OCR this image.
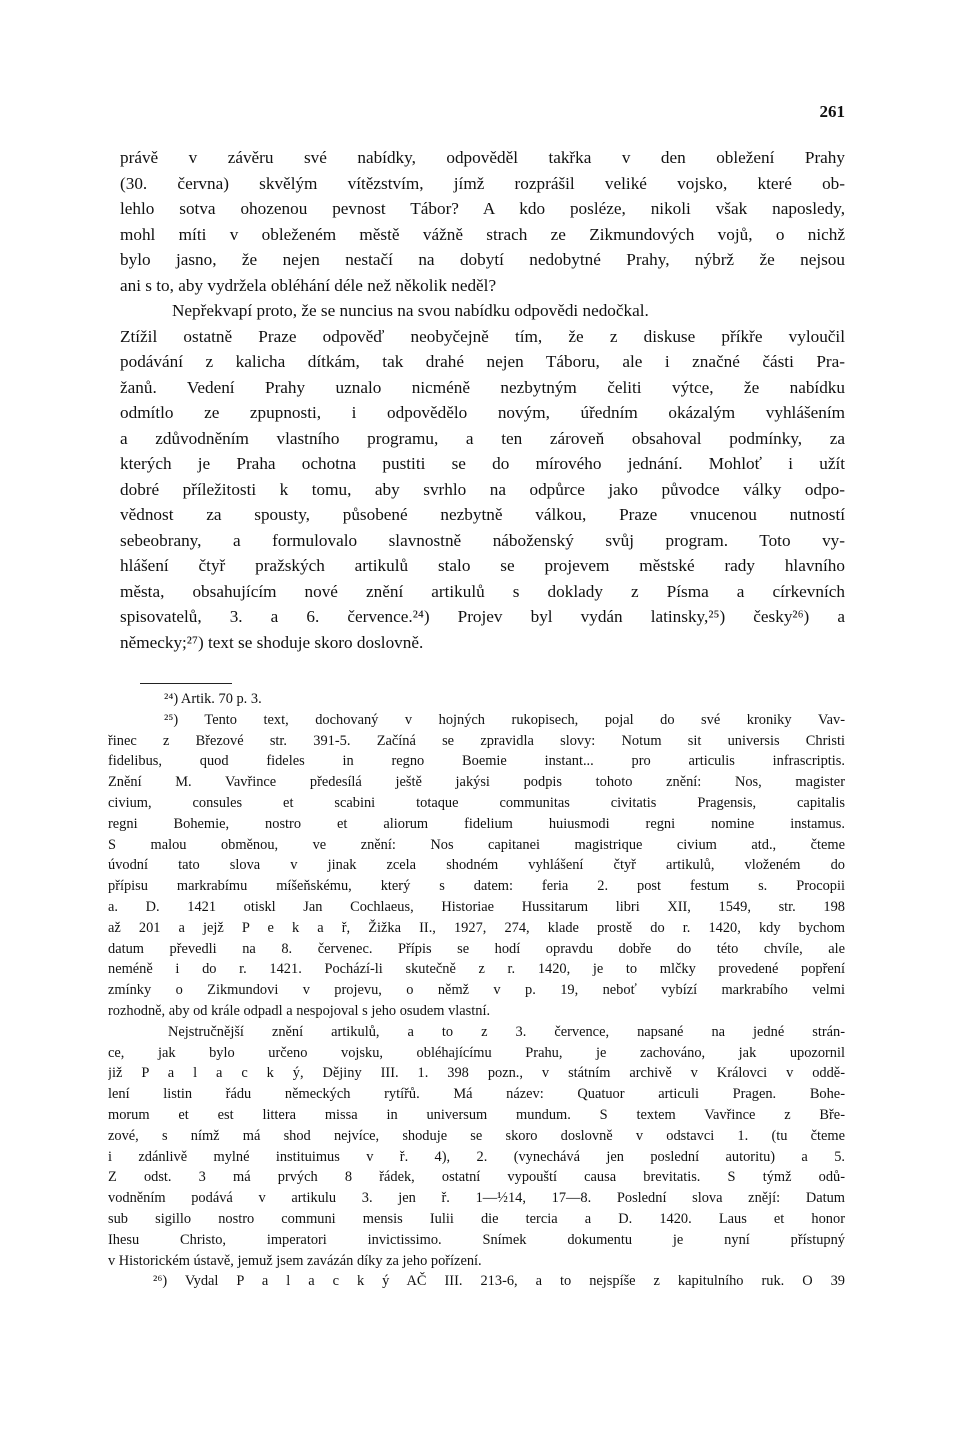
261
právě v závěru své nabídky, odpověděl takřka v den obležení Prahy
(30. června) skvělým vítězstvím, jímž rozprášil veliké vojsko, které ob-
lehlo sotva ohozenou pevnost Tábor? A kdo posléze, nikoli však naposledy,
mohl míti v obleženém městě vážně strach ze Zikmundových vojů, o nichž
bylo jasno, že nejen nestačí na dobytí nedobytné Prahy, nýbrž že nejsou
ani s to, aby vydržela obléhání déle než několik neděl?
Nepřekvapí proto, že se nuncius na svou nabídku odpovědi nedočkal.
Ztížil ostatně Praze odpověď neobyčejně tím, že z diskuse příkře vyloučil
podávání z kalicha dítkám, tak drahé nejen Táboru, ale i značné části Pra-
žanů. Vedení Prahy uznalo nicméně nezbytným čeliti výtce, že nabídku
odmítlo ze zpupnosti, i odpovědělo novým, úředním okázalým vyhlášením
a zdůvodněním vlastního programu, a ten zároveň obsahoval podmínky, za
kterých je Praha ochotna pustiti se do mírového jednání. Mohloť i užít
dobré příležitosti k tomu, aby svrhlo na odpůrce jako původce války odpo-
vědnost za spousty, působené nezbytně válkou, Praze vnucenou nutností
sebeobrany, a formulovalo slavnostně náboženský svůj program. Toto vy-
hlášení čtyř pražských artikulů stalo se projevem městské rady hlavního
města, obsahujícím nové znění artikulů s doklady z Písma a církevních
spisovatelů, 3. a 6. července.²⁴) Projev byl vydán latinsky,²⁵) česky²⁶) a
německy;²⁷) text se shoduje skoro doslovně.
²⁴) Artik. 70 p. 3.
²⁵) Tento text, dochovaný v hojných rukopisech, pojal do své kroniky Vav-
řinec z Březové str. 391-5. Začíná se zpravidla slovy: Notum sit universis Christi
fidelibus, quod fideles in regno Boemie instant... pro articulis infrascriptis.
Znění M. Vavřince předesílá ještě jakýsi podpis tohoto znění: Nos, magister
civium, consules et scabini totaque communitas civitatis Pragensis, capitalis
regni Bohemie, nostro et aliorum fidelium huiusmodi regni nomine instamus.
S malou obměnou, ve znění: Nos capitanei magistrique civium atd., čteme
úvodní tato slova v jinak zcela shodném vyhlášení čtyř artikulů, vloženém do
přípisu markrabímu míšeňskému, který s datem: feria 2. post festum s. Procopii
a. D. 1421 otiskl Jan Cochlaeus, Historiae Hussitarum libri XII, 1549, str. 198
až 201 a jejž P e k a ř, Žižka II., 1927, 274, klade prostě do r. 1420, kdy bychom
datum převedli na 8. červenec. Přípis se hodí opravdu dobře do této chvíle, ale
neméně i do r. 1421. Pochází-li skutečně z r. 1420, je to mlčky provedené popření
zmínky o Zikmundovi v projevu, o němž v p. 19, neboť vybízí markrabího velmi
rozhodně, aby od krále odpadl a nespojoval s jeho osudem vlastní.
Nejstručnější znění artikulů, a to z 3. července, napsané na jedné strán-
ce, jak bylo určeno vojsku, obléhajícímu Prahu, je zachováno, jak upozornil
již P a l a c k ý, Dějiny III. 1. 398 pozn., v státním archivě v Královci v oddě-
lení listin řádu německých rytířů. Má název: Quatuor articuli Pragen. Bohe-
morum et est littera missa in universum mundum. S textem Vavřince z Bře-
zové, s nímž má shod nejvíce, shoduje se skoro doslovně v odstavci 1. (tu čteme
i zdánlivě mylné instituimus v ř. 4), 2. (vynechává jen poslední autoritu) a 5.
Z odst. 3 má prvých 8 řádek, ostatní vypouští causa brevitatis. S týmž odů-
vodněním podává v artikulu 3. jen ř. 1—½14, 17—8. Poslední slova znějí: Datum
sub sigillo nostro communi mensis Iulii die tercia a D. 1420. Laus et honor
Ihesu Christo, imperatori invictissimo. Snímek dokumentu je nyní přístupný
v Historickém ústavě, jemuž jsem zavázán díky za jeho pořízení.
²⁶) Vydal P a l a c k ý AČ III. 213-6, a to nejspíše z kapitulního ruk. O 39
